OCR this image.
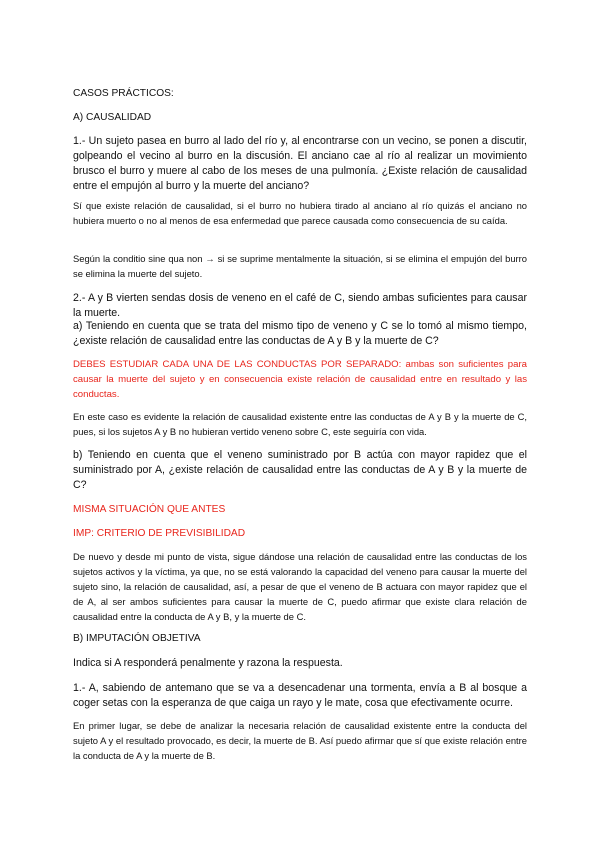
CASOS PRÁCTICOS:

A) CAUSALIDAD

1.- Un sujeto pasea en burro al lado del río y, al encontrarse con un vecino, se ponen a discutir, golpeando el vecino al burro en la discusión. El anciano cae al río al realizar un movimiento brusco el burro y muere al cabo de los meses de una pulmonía. ¿Existe relación de causalidad entre el empujón al burro y la muerte del anciano?

Sí que existe relación de causalidad, si el burro no hubiera tirado al anciano al río quizás el anciano no hubiera muerto o no al menos de esa enfermedad que parece causada como consecuencia de su caída.

Según la conditio sine qua non → si se suprime mentalmente la situación, si se elimina el empujón del burro se elimina la muerte del sujeto.

2.- A y B vierten sendas dosis de veneno en el café de C, siendo ambas suficientes para causar la muerte.

a) Teniendo en cuenta que se trata del mismo tipo de veneno y C se lo tomó al mismo tiempo, ¿existe relación de causalidad entre las conductas de A y B y la muerte de C?

DEBES ESTUDIAR CADA UNA DE LAS CONDUCTAS POR SEPARADO: ambas son suficientes para causar la muerte del sujeto y en consecuencia existe relación de causalidad entre en resultado y las conductas.

En este caso es evidente la relación de causalidad existente entre las conductas de A y B y la muerte de C, pues, si los sujetos A y B no hubieran vertido veneno sobre C, este seguiría con vida.

b) Teniendo en cuenta que el veneno suministrado por B actúa con mayor rapidez que el suministrado por A, ¿existe relación de causalidad entre las conductas de A y B y la muerte de C?

MISMA SITUACIÓN QUE ANTES

IMP: CRITERIO DE PREVISIBILIDAD

De nuevo y desde mi punto de vista, sigue dándose una relación de causalidad entre las conductas de los sujetos activos y la víctima, ya que, no se está valorando la capacidad del veneno para causar la muerte del sujeto sino, la relación de causalidad, así, a pesar de que el veneno de B actuara con mayor rapidez que el de A, al ser ambos suficientes para causar la muerte de C, puedo afirmar que existe clara relación de causalidad entre la conducta de A y B, y la muerte de C.

B) IMPUTACIÓN OBJETIVA

Indica si A responderá penalmente y razona la respuesta.

1.- A, sabiendo de antemano que se va a desencadenar una tormenta, envía a B al bosque a coger setas con la esperanza de que caiga un rayo y le mate, cosa que efectivamente ocurre.

En primer lugar, se debe de analizar la necesaria relación de causalidad existente entre la conducta del sujeto A y el resultado provocado, es decir, la muerte de B. Así puedo afirmar que sí que existe relación entre la conducta de A y la muerte de B.
